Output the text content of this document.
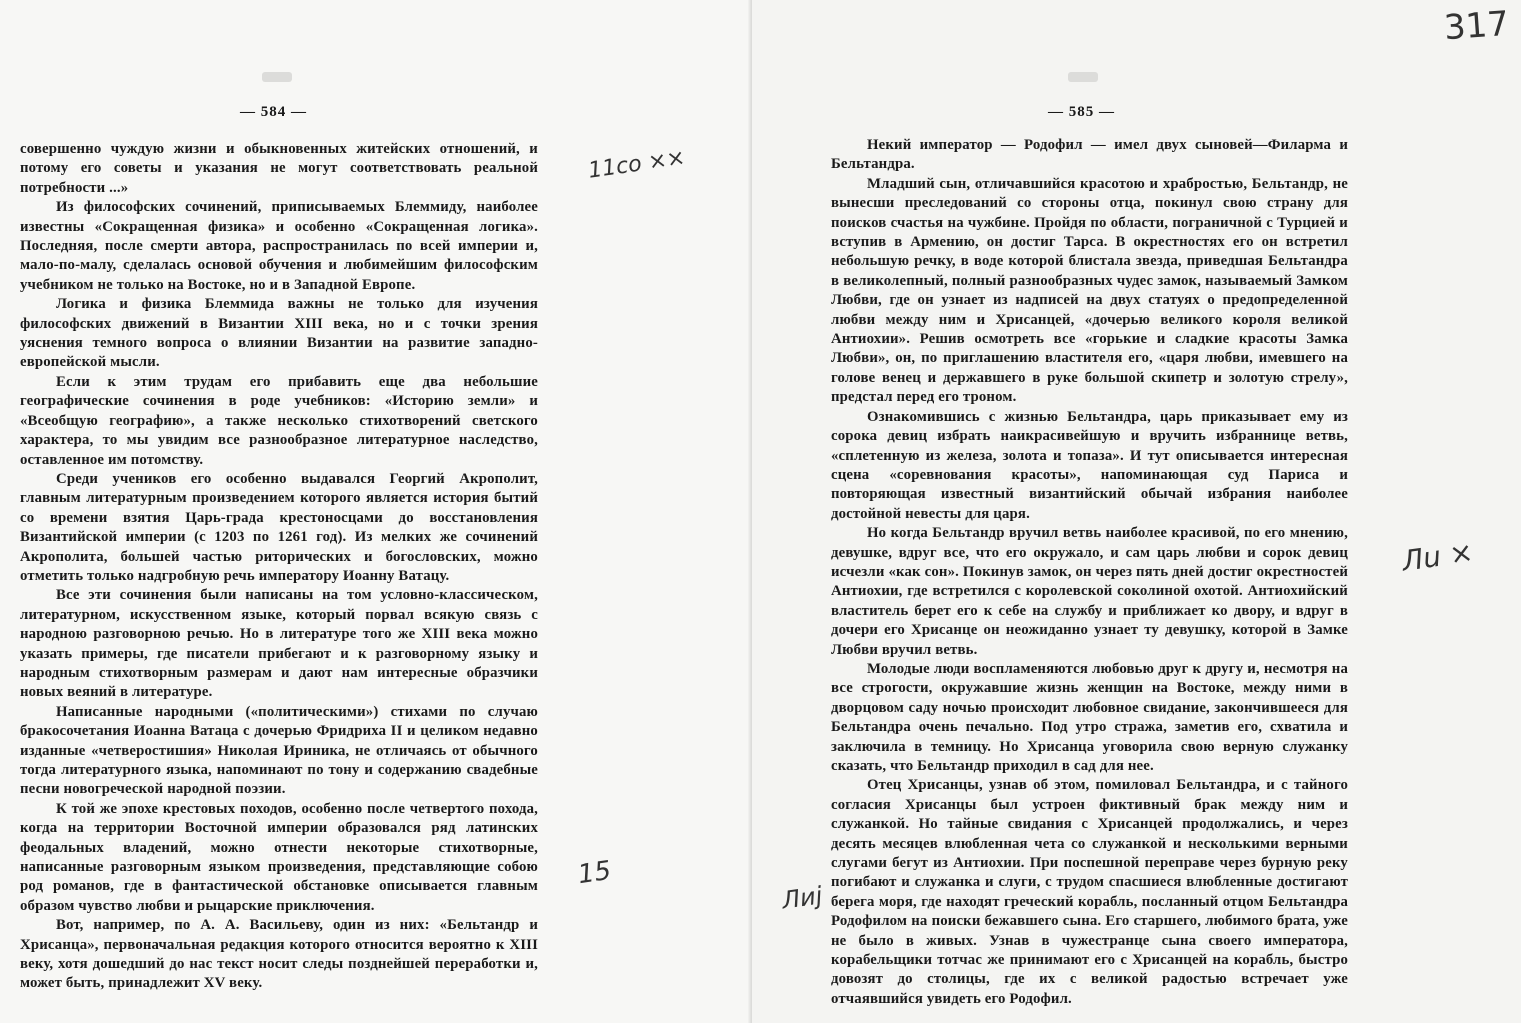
— 584 —

совершенно чуждую жизни и обыкновенных житейских отношений, и потому его советы и указания не могут соответствовать реальной потребности ...»

Из философских сочинений, приписываемых Блеммиду, наиболее известны «Сокращенная физика» и особенно «Сокращенная логика». Последняя, после смерти автора, распространилась по всей империи и, мало-по-малу, сделалась основой обучения и любимейшим философским учебником не только на Востоке, но и в Западной Европе.

Логика и физика Блеммида важны не только для изучения философских движений в Византии XIII века, но и с точки зрения уяснения темного вопроса о влиянии Византии на развитие западно-европейской мысли.

Если к этим трудам его прибавить еще два небольшие географические сочинения в роде учебников: «Историю земли» и «Всеобщую географию», а также несколько стихотворений светского характера, то мы увидим все разнообразное литературное наследство, оставленное им потомству.

Среди учеников его особенно выдавался Георгий Акрополит, главным литературным произведением которого является история бытий со времени взятия Царь-града крестоносцами до восстановления Византийской империи (с 1203 по 1261 год). Из мелких же сочинений Акрополита, большей частью риторических и богословских, можно отметить только надгробную речь императору Иоанну Ватацу.

Все эти сочинения были написаны на том условно-классическом, литературном, искусственном языке, который порвал всякую связь с народною разговорною речью. Но в литературе того же XIII века можно указать примеры, где писатели прибегают и к разговорному языку и народным стихотворным размерам и дают нам интересные образчики новых веяний в литературе.

Написанные народными («политическими») стихами по случаю бракосочетания Иоанна Ватаца с дочерью Фридриха II и целиком недавно изданные «четверостишия» Николая Ириника, не отличаясь от обычного тогда литературного языка, напоминают по тону и содержанию свадебные песни новогреческой народной поэзии.

К той же эпохе крестовых походов, особенно после четвертого похода, когда на территории Восточной империи образовался ряд латинских феодальных владений, можно отнести некоторые стихотворные, написанные разговорным языком произведения, представляющие собою род романов, где в фантастической обстановке описывается главным образом чувство любви и рыцарские приключения.

Вот, например, по А. А. Васильеву, один из них: «Бельтандр и Хрисанца», первоначальная редакция которого относится вероятно к XIII веку, хотя дошедший до нас текст носит следы позднейшей переработки и, может быть, принадлежит XV веку.

11со ××
15
— 585 —

Некий император — Родофил — имел двух сыновей—Филарма и Бельтандра.

Младший сын, отличавшийся красотою и храбростью, Бельтандр, не вынесши преследований со стороны отца, покинул свою страну для поисков счастья на чужбине. Пройдя по области, пограничной с Турцией и вступив в Армению, он достиг Тарса. В окрестностях его он встретил небольшую речку, в воде которой блистала звезда, приведшая Бельтандра в великолепный, полный разнообразных чудес замок, называемый Замком Любви, где он узнает из надписей на двух статуях о предопределенной любви между ним и Хрисанцей, «дочерью великого короля великой Антиохии». Решив осмотреть все «горькие и сладкие красоты Замка Любви», он, по приглашению властителя его, «царя любви, имевшего на голове венец и державшего в руке большой скипетр и золотую стрелу», предстал перед его троном.

Ознакомившись с жизнью Бельтандра, царь приказывает ему из сорока девиц избрать наикрасивейшую и вручить избраннице ветвь, «сплетенную из железа, золота и топаза». И тут описывается интересная сцена «соревнования красоты», напоминающая суд Париса и повторяющая известный византийский обычай избрания наиболее достойной невесты для царя.

Но когда Бельтандр вручил ветвь наиболее красивой, по его мнению, девушке, вдруг все, что его окружало, и сам царь любви и сорок девиц исчезли «как сон». Покинув замок, он через пять дней достиг окрестностей Антиохии, где встретился с королевской соколиной охотой. Антиохийский властитель берет его к себе на службу и приближает ко двору, и вдруг в дочери его Хрисанце он неожиданно узнает ту девушку, которой в Замке Любви вручил ветвь.

Молодые люди воспламеняются любовью друг к другу и, несмотря на все строгости, окружавшие жизнь женщин на Востоке, между ними в дворцовом саду ночью происходит любовное свидание, закончившееся для Бельтандра очень печально. Под утро стража, заметив его, схватила и заключила в темницу. Но Хрисанца уговорила свою верную служанку сказать, что Бельтандр приходил в сад для нее.

Отец Хрисанцы, узнав об этом, помиловал Бельтандра, и с тайного согласия Хрисанцы был устроен фиктивный брак между ним и служанкой. Но тайные свидания с Хрисанцей продолжались, и через десять месяцев влюбленная чета со служанкой и несколькими верными слугами бегут из Антиохии. При поспешной переправе через бурную реку погибают и служанка и слуги, с трудом спасшиеся влюбленные достигают берега моря, где находят греческий корабль, посланный отцом Бельтандра Родофилом на поиски бежавшего сына. Его старшего, любимого брата, уже не было в живых. Узнав в чужестранце сына своего императора, корабельщики тотчас же принимают его с Хрисанцей на корабль, быстро довозят до столицы, где их с великой радостью встречает уже отчаявшийся увидеть его Родофил.

Лu ×
Лиj
317
